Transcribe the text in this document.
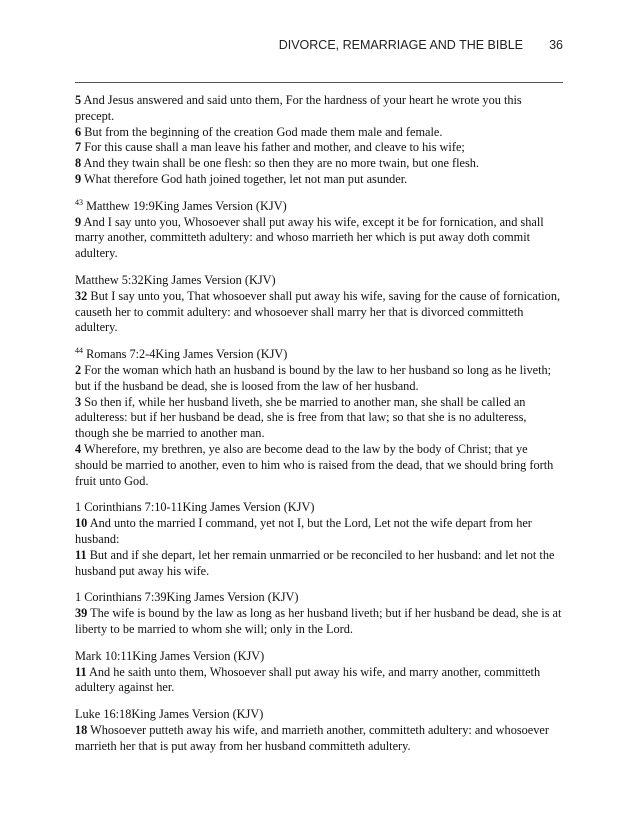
DIVORCE, REMARRIAGE AND THE BIBLE 36
5 And Jesus answered and said unto them, For the hardness of your heart he wrote you this precept.
6 But from the beginning of the creation God made them male and female.
7 For this cause shall a man leave his father and mother, and cleave to his wife;
8 And they twain shall be one flesh: so then they are no more twain, but one flesh.
9 What therefore God hath joined together, let not man put asunder.
$^{43}$ Matthew 19:9King James Version (KJV)
9 And I say unto you, Whosoever shall put away his wife, except it be for fornication, and shall marry another, committeth adultery: and whoso marrieth her which is put away doth commit adultery.
Matthew 5:32King James Version (KJV)
32 But I say unto you, That whosoever shall put away his wife, saving for the cause of fornication, causeth her to commit adultery: and whosoever shall marry her that is divorced committeth adultery.
$^{44}$ Romans 7:2-4King James Version (KJV)
2 For the woman which hath an husband is bound by the law to her husband so long as he liveth; but if the husband be dead, she is loosed from the law of her husband.
3 So then if, while her husband liveth, she be married to another man, she shall be called an adulteress: but if her husband be dead, she is free from that law; so that she is no adulteress, though she be married to another man.
4 Wherefore, my brethren, ye also are become dead to the law by the body of Christ; that ye should be married to another, even to him who is raised from the dead, that we should bring forth fruit unto God.
1 Corinthians 7:10-11King James Version (KJV)
10 And unto the married I command, yet not I, but the Lord, Let not the wife depart from her husband:
11 But and if she depart, let her remain unmarried or be reconciled to her husband: and let not the husband put away his wife.
1 Corinthians 7:39King James Version (KJV)
39 The wife is bound by the law as long as her husband liveth; but if her husband be dead, she is at liberty to be married to whom she will; only in the Lord.
Mark 10:11King James Version (KJV)
11 And he saith unto them, Whosoever shall put away his wife, and marry another, committeth adultery against her.
Luke 16:18King James Version (KJV)
18 Whosoever putteth away his wife, and marrieth another, committeth adultery: and whosoever marrieth her that is put away from her husband committeth adultery.
